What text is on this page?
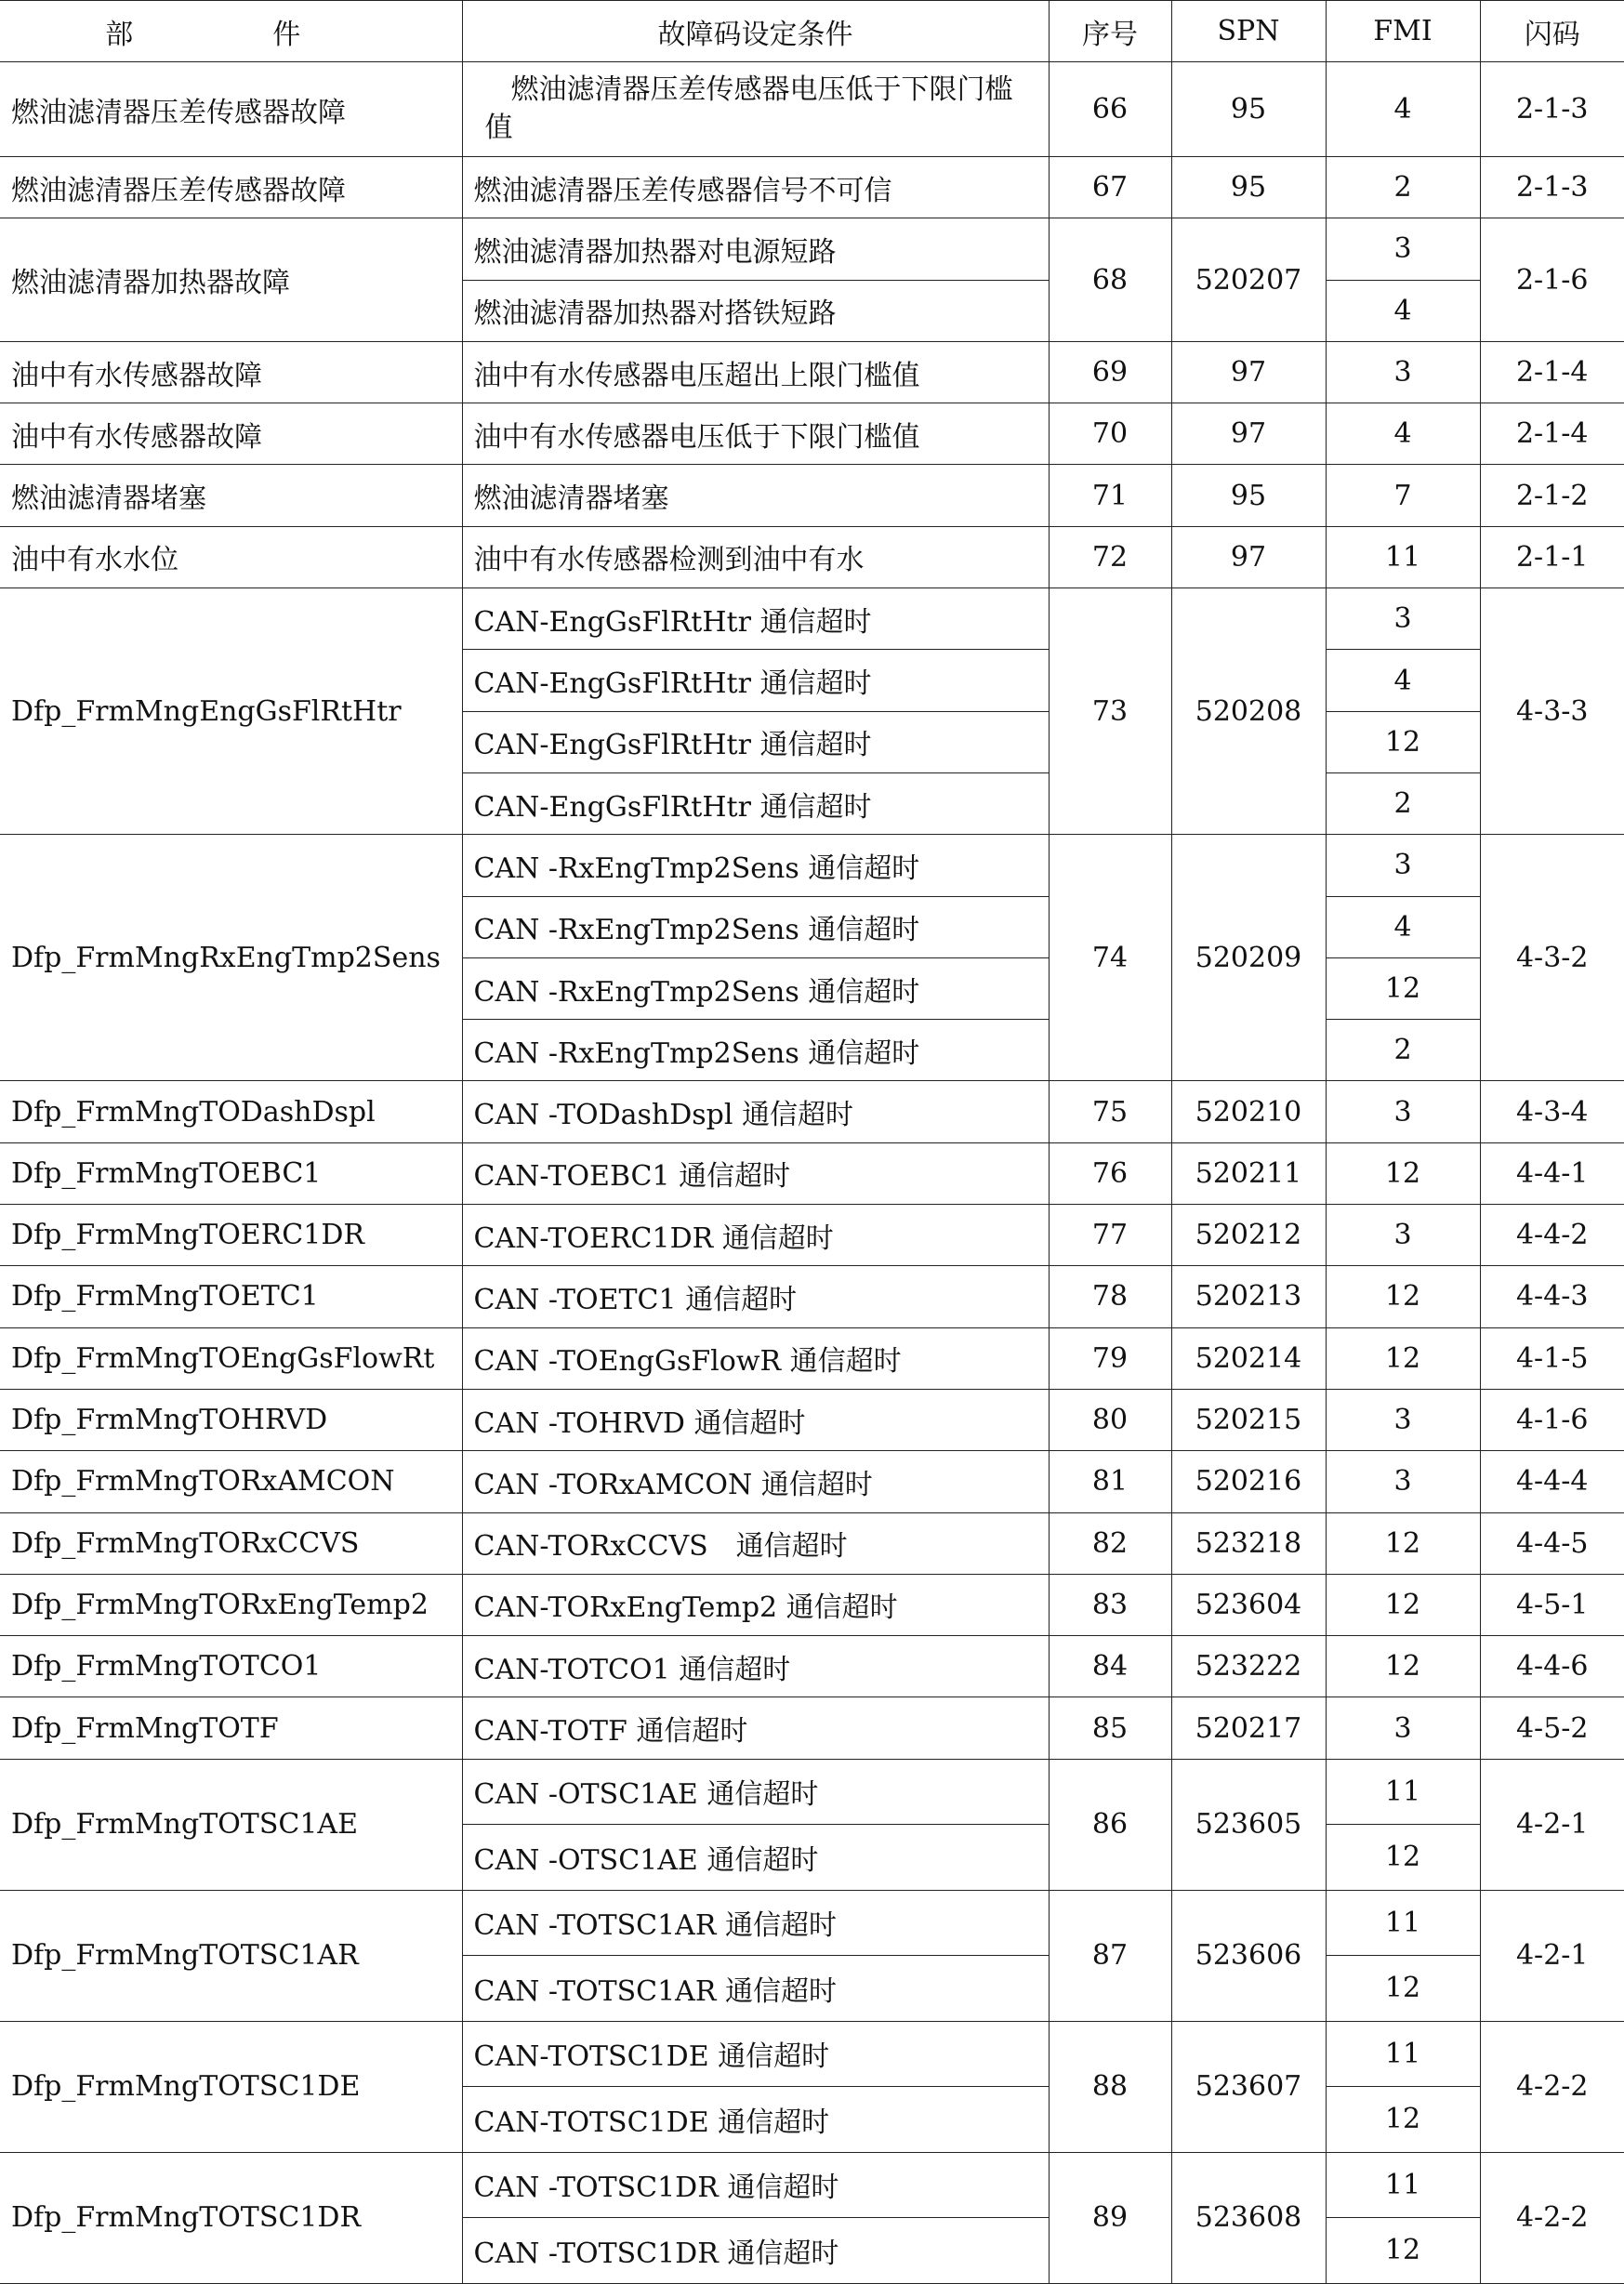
部　件	故障码设定条件	序号	SPN	FMI	闪码
燃油滤清器压差传感器故障	燃油滤清器压差传感器电压低于下限门槛值	66	95	4	2-1-3
燃油滤清器压差传感器故障	燃油滤清器压差传感器信号不可信	67	95	2	2-1-3
燃油滤清器加热器故障	燃油滤清器加热器对电源短路	68	520207	3	2-1-6
	燃油滤清器加热器对搭铁短路			4	
油中有水传感器故障	油中有水传感器电压超出上限门槛值	69	97	3	2-1-4
油中有水传感器故障	油中有水传感器电压低于下限门槛值	70	97	4	2-1-4
燃油滤清器堵塞	燃油滤清器堵塞	71	95	7	2-1-2
油中有水水位	油中有水传感器检测到油中有水	72	97	11	2-1-1
Dfp_FrmMngEngGsFlRtHtr	CAN-EngGsFlRtHtr 通信超时	73	520208	3	4-3-3
	CAN-EngGsFlRtHtr 通信超时			4	
	CAN-EngGsFlRtHtr 通信超时			12	
	CAN-EngGsFlRtHtr 通信超时			2	
Dfp_FrmMngRxEngTmp2Sens	CAN -RxEngTmp2Sens 通信超时	74	520209	3	4-3-2
	CAN -RxEngTmp2Sens 通信超时			4	
	CAN -RxEngTmp2Sens 通信超时			12	
	CAN -RxEngTmp2Sens 通信超时			2	
Dfp_FrmMngTODashDspl	CAN -TODashDspl 通信超时	75	520210	3	4-3-4
Dfp_FrmMngTOEBC1	CAN-TOEBC1 通信超时	76	520211	12	4-4-1
Dfp_FrmMngTOERC1DR	CAN-TOERC1DR 通信超时	77	520212	3	4-4-2
Dfp_FrmMngTOETC1	CAN -TOETC1 通信超时	78	520213	12	4-4-3
Dfp_FrmMngTOEngGsFlowRt	CAN -TOEngGsFlowR 通信超时	79	520214	12	4-1-5
Dfp_FrmMngTOHRVD	CAN -TOHRVD 通信超时	80	520215	3	4-1-6
Dfp_FrmMngTORxAMCON	CAN -TORxAMCON 通信超时	81	520216	3	4-4-4
Dfp_FrmMngTORxCCVS	CAN-TORxCCVS　通信超时	82	523218	12	4-4-5
Dfp_FrmMngTORxEngTemp2	CAN-TORxEngTemp2 通信超时	83	523604	12	4-5-1
Dfp_FrmMngTOTCO1	CAN-TOTCO1 通信超时	84	523222	12	4-4-6
Dfp_FrmMngTOTF	CAN-TOTF 通信超时	85	520217	3	4-5-2
Dfp_FrmMngTOTSC1AE	CAN -OTSC1AE 通信超时	86	523605	11	4-2-1
	CAN -OTSC1AE 通信超时			12	
Dfp_FrmMngTOTSC1AR	CAN -TOTSC1AR 通信超时	87	523606	11	4-2-1
	CAN -TOTSC1AR 通信超时			12	
Dfp_FrmMngTOTSC1DE	CAN-TOTSC1DE 通信超时	88	523607	11	4-2-2
	CAN-TOTSC1DE 通信超时			12	
Dfp_FrmMngTOTSC1DR	CAN -TOTSC1DR 通信超时	89	523608	11	4-2-2
	CAN -TOTSC1DR 通信超时			12	
